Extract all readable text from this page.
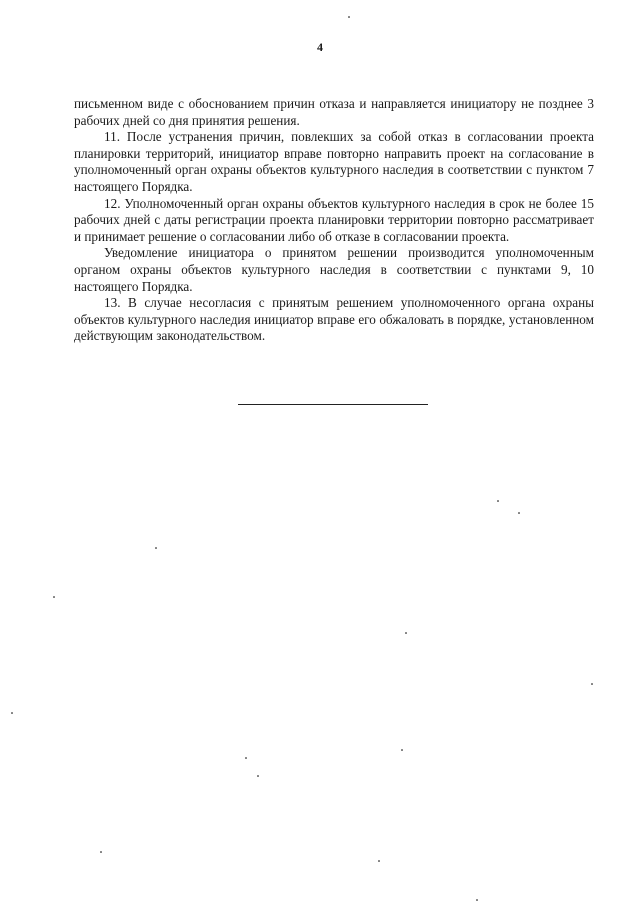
4

письменном виде с обоснованием причин отказа и направляется инициатору не позднее 3 рабочих дней со дня принятия решения.

11. После устранения причин, повлекших за собой отказ в согласовании проекта планировки территорий, инициатор вправе повторно направить проект на согласование в уполномоченный орган охраны объектов культурного наследия в соответствии с пунктом 7 настоящего Порядка.

12. Уполномоченный орган охраны объектов культурного наследия в срок не более 15 рабочих дней с даты регистрации проекта планировки территории повторно рассматривает и принимает решение о согласовании либо об отказе в согласовании проекта.

Уведомление инициатора о принятом решении производится уполномоченным органом охраны объектов культурного наследия в соответствии с пунктами 9, 10 настоящего Порядка.

13. В случае несогласия с принятым решением уполномоченного органа охраны объектов культурного наследия инициатор вправе его обжаловать в порядке, установленном действующим законодательством.
